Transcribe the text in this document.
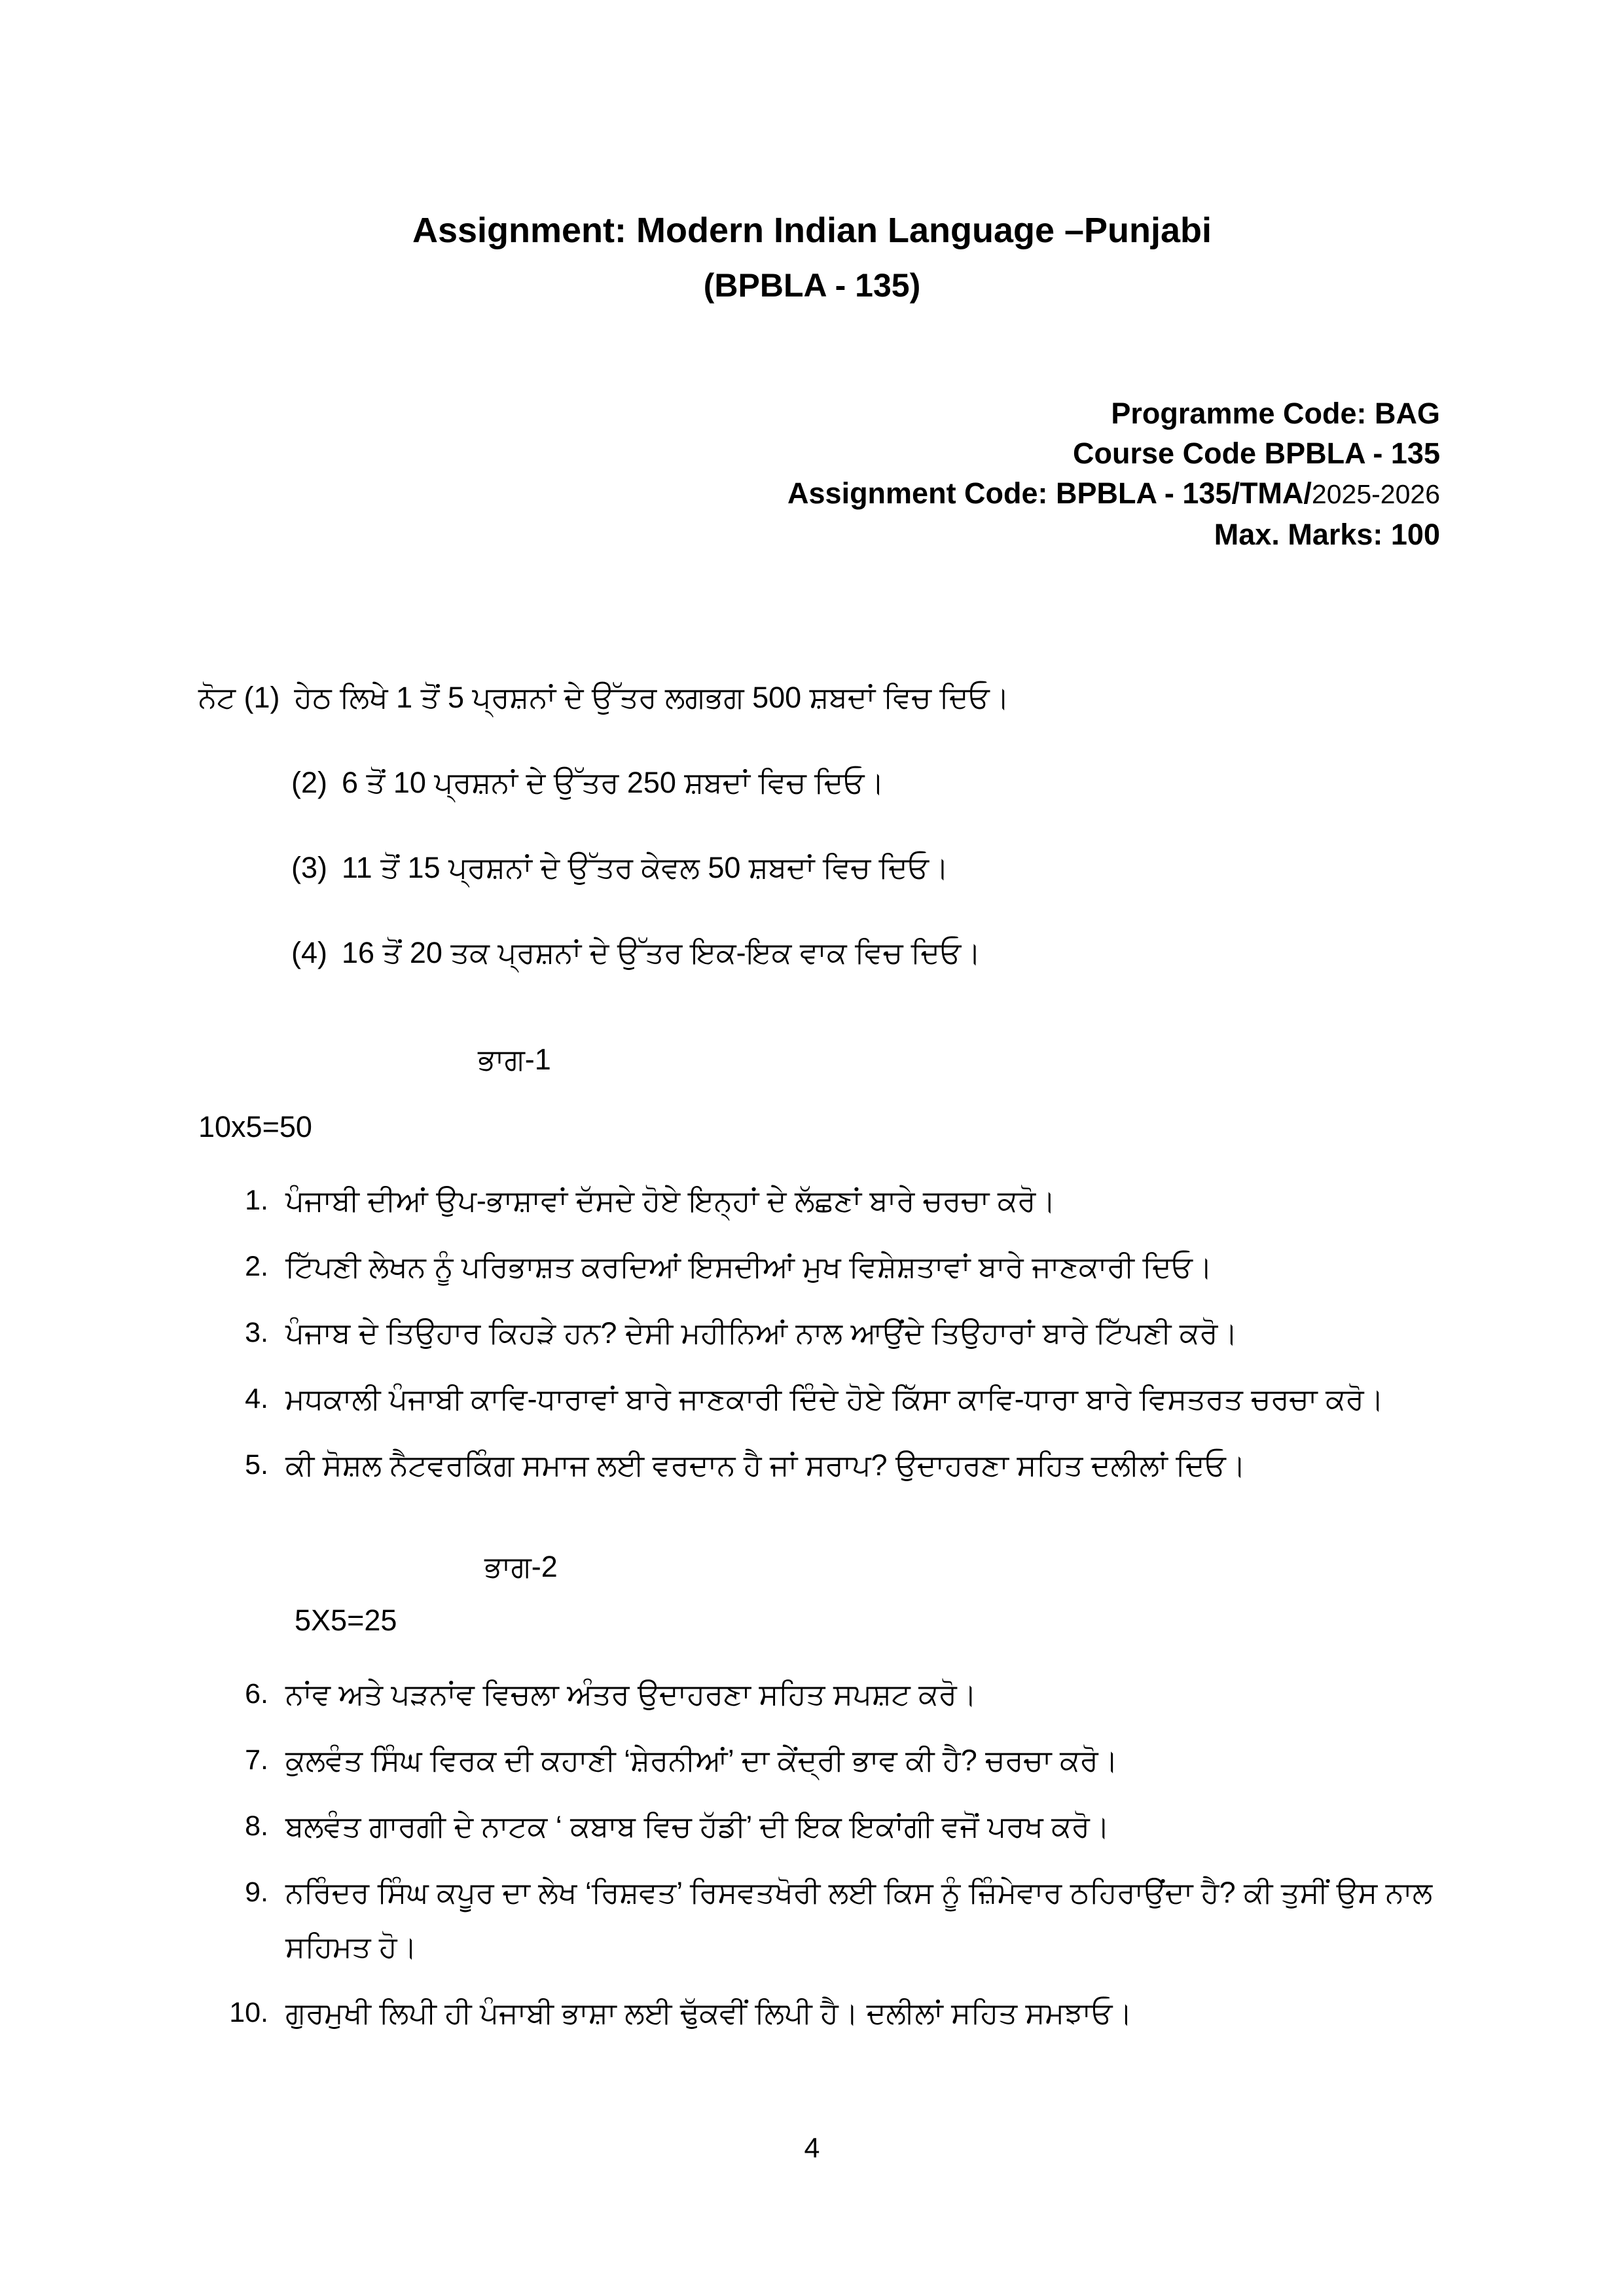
Assignment: Modern Indian Language –Punjabi
(BPBLA - 135)
Programme Code: BAG
Course Code BPBLA - 135
Assignment Code: BPBLA - 135/TMA/2025-2026
Max. Marks: 100
ਨੋਟ (1) ਹੇਠ ਲਿਖੇ 1 ਤੋਂ 5 ਪ੍ਰਸ਼ਨਾਂ ਦੇ ਉੱਤਰ ਲਗਭਗ 500 ਸ਼ਬਦਾਂ ਵਿਚ ਦਿਓ।
(2) 6 ਤੋਂ 10 ਪ੍ਰਸ਼ਨਾਂ ਦੇ ਉੱਤਰ 250 ਸ਼ਬਦਾਂ ਵਿਚ ਦਿਓ।
(3) 11 ਤੋਂ 15 ਪ੍ਰਸ਼ਨਾਂ ਦੇ ਉੱਤਰ ਕੇਵਲ 50 ਸ਼ਬਦਾਂ ਵਿਚ ਦਿਓ।
(4) 16 ਤੋਂ 20 ਤਕ ਪ੍ਰਸ਼ਨਾਂ ਦੇ ਉੱਤਰ ਇਕ-ਇਕ ਵਾਕ ਵਿਚ ਦਿਓ।
ਭਾਗ-1
10x5=50
1. ਪੰਜਾਬੀ ਦੀਆਂ ਉਪ-ਭਾਸ਼ਾਵਾਂ ਦੱਸਦੇ ਹੋਏ ਇਨ੍ਹਾਂ ਦੇ ਲੱਛਣਾਂ ਬਾਰੇ ਚਰਚਾ ਕਰੋ।
2. ਟਿੱਪਣੀ ਲੇਖਨ ਨੂੰ ਪਰਿਭਾਸ਼ਤ ਕਰਦਿਆਂ ਇਸਦੀਆਂ ਮੁਖ ਵਿਸ਼ੇਸ਼ਤਾਵਾਂ ਬਾਰੇ ਜਾਣਕਾਰੀ ਦਿਓ।
3. ਪੰਜਾਬ ਦੇ ਤਿਉਹਾਰ ਕਿਹੜੇ ਹਨ? ਦੇਸੀ ਮਹੀਨਿਆਂ ਨਾਲ ਆਉਂਦੇ ਤਿਉਹਾਰਾਂ ਬਾਰੇ ਟਿੱਪਣੀ ਕਰੋ।
4. ਮਧਕਾਲੀ ਪੰਜਾਬੀ ਕਾਵਿ-ਧਾਰਾਵਾਂ ਬਾਰੇ ਜਾਣਕਾਰੀ ਦਿੰਦੇ ਹੋਏ ਕਿੱਸਾ ਕਾਵਿ-ਧਾਰਾ ਬਾਰੇ ਵਿਸਤਰਤ ਚਰਚਾ ਕਰੋ।
5. ਕੀ ਸੋਸ਼ਲ ਨੈਟਵਰਕਿੰਗ ਸਮਾਜ ਲਈ ਵਰਦਾਨ ਹੈ ਜਾਂ ਸਰਾਪ? ਉਦਾਹਰਣਾ ਸਹਿਤ ਦਲੀਲਾਂ ਦਿਓ।
ਭਾਗ-2
5X5=25
6. ਨਾਂਵ ਅਤੇ ਪੜਨਾਂਵ ਵਿਚਲਾ ਅੰਤਰ ਉਦਾਹਰਣਾ ਸਹਿਤ ਸਪਸ਼ਟ ਕਰੋ।
7. ਕੁਲਵੰਤ ਸਿੰਘ ਵਿਰਕ ਦੀ ਕਹਾਣੀ ‘ਸ਼ੇਰਨੀਆਂ’ ਦਾ ਕੇਂਦ੍ਰੀ ਭਾਵ ਕੀ ਹੈ? ਚਰਚਾ ਕਰੋ।
8. ਬਲਵੰਤ ਗਾਰਗੀ ਦੇ ਨਾਟਕ ‘ ਕਬਾਬ ਵਿਚ ਹੱਡੀ’ ਦੀ ਇਕ ਇਕਾਂਗੀ ਵਜੋਂ ਪਰਖ ਕਰੋ।
9. ਨਰਿੰਦਰ ਸਿੰਘ ਕਪੂਰ ਦਾ ਲੇਖ ‘ਰਿਸ਼ਵਤ’ ਰਿਸਵਤਖੋਰੀ ਲਈ ਕਿਸ ਨੂੰ ਜ਼ਿੰਮੇਵਾਰ ਠਹਿਰਾਉਂਦਾ ਹੈ? ਕੀ ਤੁਸੀਂ ਉਸ ਨਾਲ ਸਹਿਮਤ ਹੋ।
10. ਗੁਰਮੁਖੀ ਲਿਪੀ ਹੀ ਪੰਜਾਬੀ ਭਾਸ਼ਾ ਲਈ ਢੁੱਕਵੀਂ ਲਿਪੀ ਹੈ। ਦਲੀਲਾਂ ਸਹਿਤ ਸਮਝਾਓ।
4
